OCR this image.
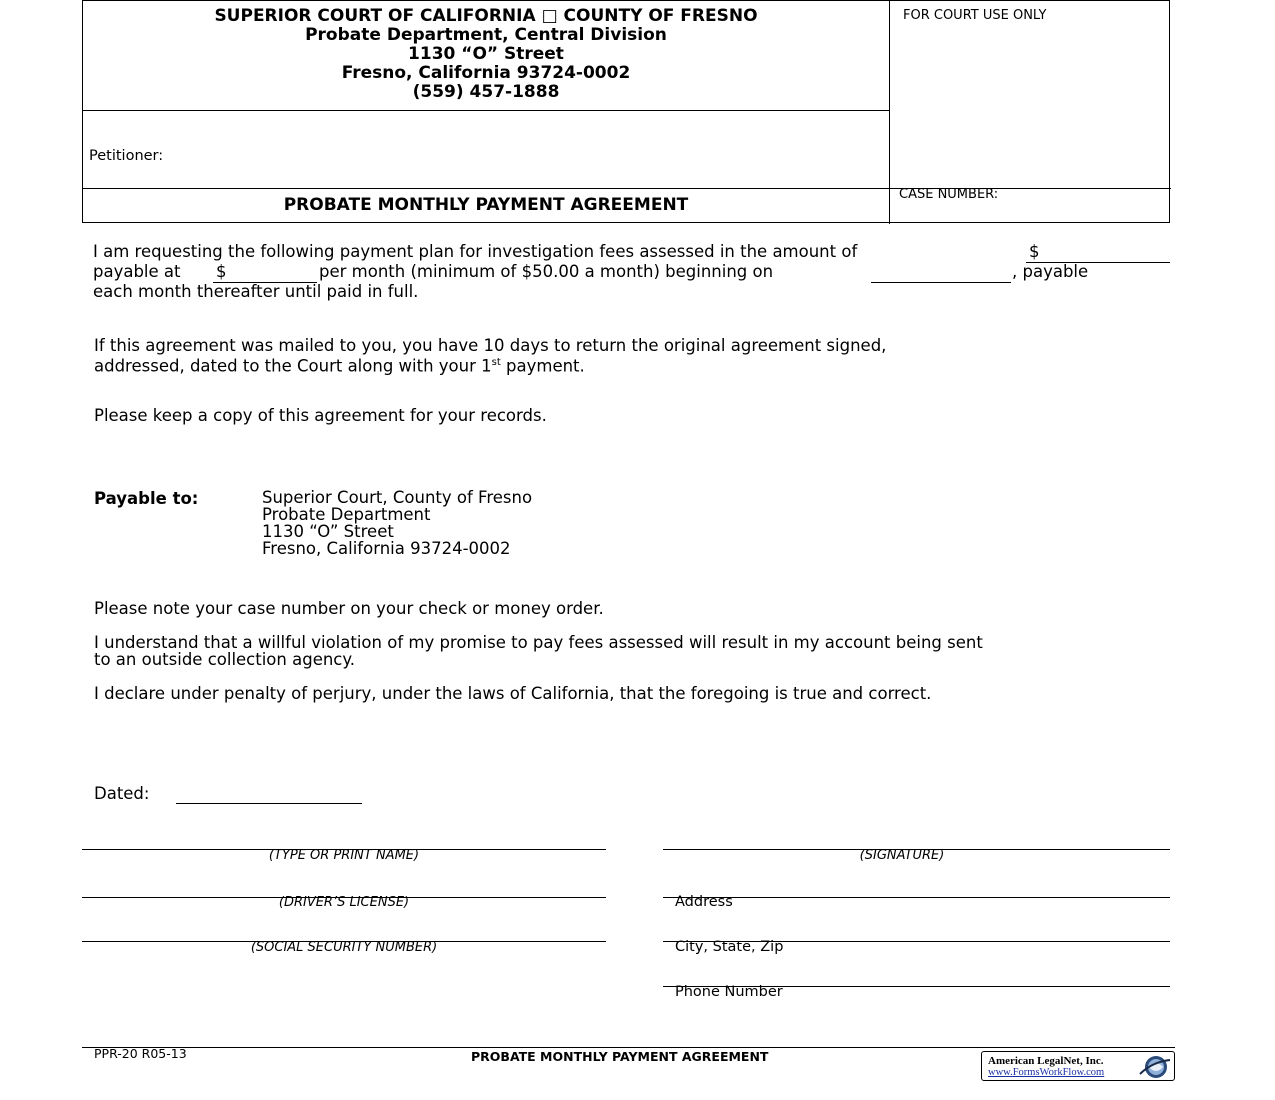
SUPERIOR COURT OF CALIFORNIA □ COUNTY OF FRESNO
Probate Department, Central Division
1130 “O” Street
Fresno, California 93724-0002
(559) 457-1888
FOR COURT USE ONLY
Petitioner:
CASE NUMBER:
PROBATE MONTHLY PAYMENT AGREEMENT
I am requesting the following payment plan for investigation fees assessed in the amount of	$
payable at $	per month (minimum of $50.00 a month) beginning on	, payable
each month thereafter until paid in full.
If this agreement was mailed to you, you have 10 days to return the original agreement signed,
addressed, dated to the Court along with your 1st payment.
Please keep a copy of this agreement for your records.
Payable to:	Superior Court, County of Fresno
Probate Department
1130 “O” Street
Fresno, California 93724-0002
Please note your case number on your check or money order.
I understand that a willful violation of my promise to pay fees assessed will result in my account being sent
to an outside collection agency.
I declare under penalty of perjury, under the laws of California, that the foregoing is true and correct.
Dated:
(TYPE OR PRINT NAME)
(DRIVER’S LICENSE)
(SOCIAL SECURITY NUMBER)
(SIGNATURE)
Address
City, State, Zip
Phone Number
PPR-20 R05-13	PROBATE MONTHLY PAYMENT AGREEMENT	American LegalNet, Inc.
www.FormsWorkFlow.com
